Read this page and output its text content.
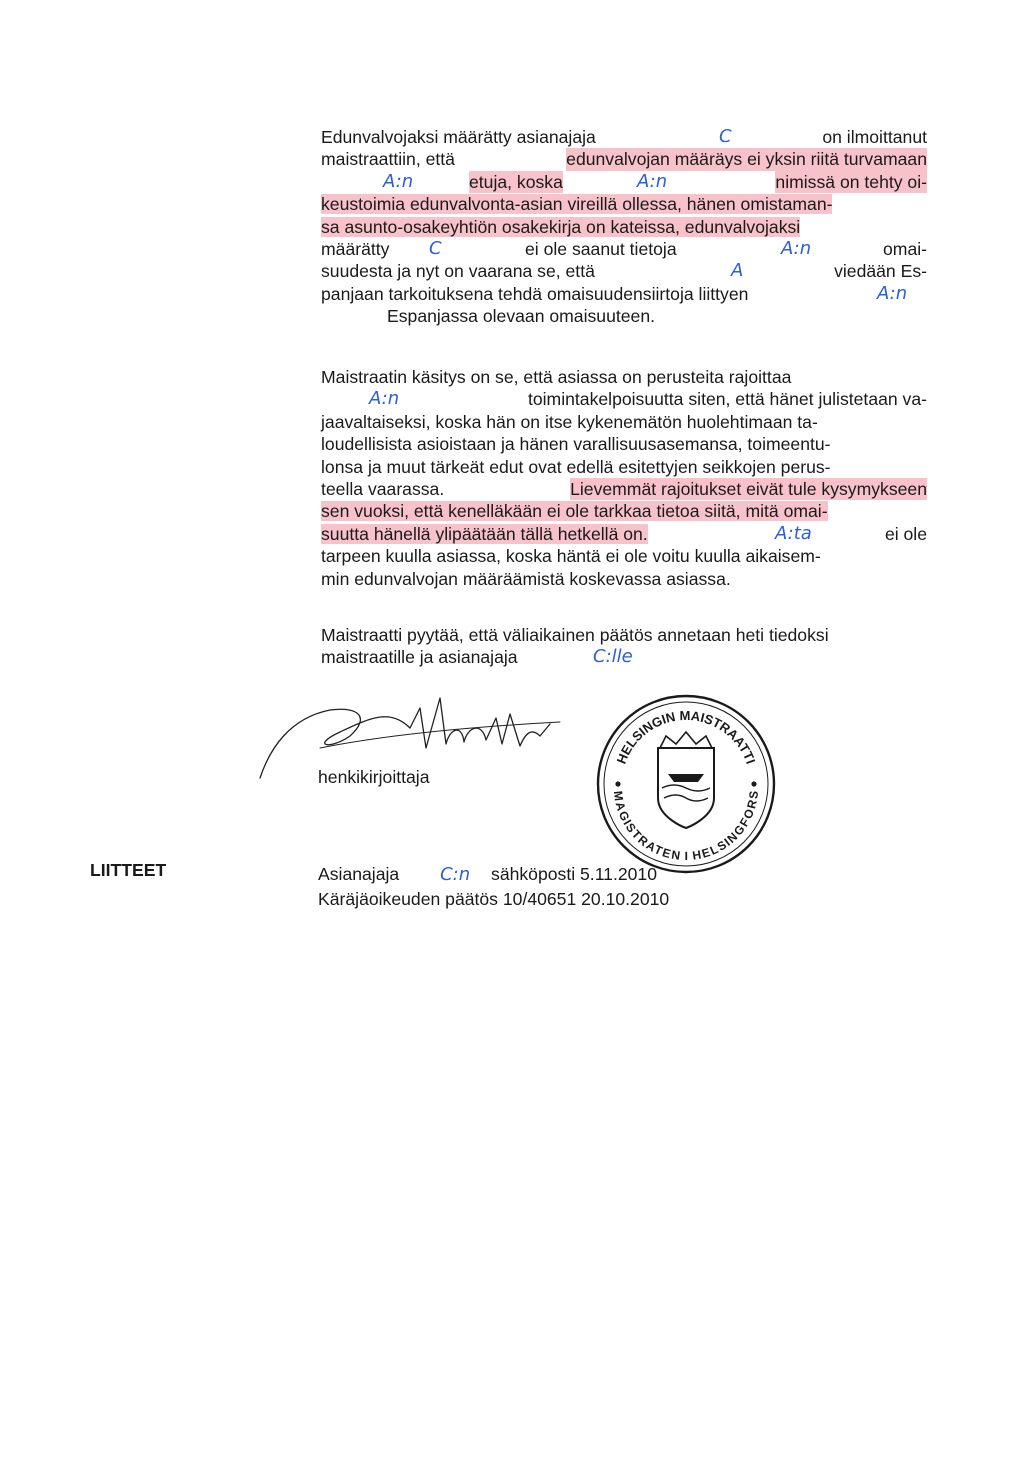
Edunvalvojaksi määrätty asianajaja	C	on ilmoittanut
maistraattiin, että	edunvalvojan määräys ei yksin riitä turvamaan
A:n	etuja, koska	A:n	nimissä on tehty oi-
keustoimia edunvalvonta-asian vireillä ollessa, hänen omistaman-
sa asunto-osakeyhtiön osakekirja on kateissa, edunvalvojaksi
määrätty C	ei ole saanut tietoja	A:n	omai-
suudesta ja nyt on vaarana se, että	A	viedään Es-
panjaan tarkoituksena tehdä omaisuudensiirtoja liittyen	A:n
Espanjassa olevaan omaisuuteen.
Maistraatin käsitys on se, että asiassa on perusteita rajoittaa
A:n	toimintakelpoisuutta siten, että hänet julistetaan va-
jaavaltaiseksi, koska hän on itse kykenemätön huolehtimaan ta-
loudellisista asioistaan ja hänen varallisuusasemansa, toimeentu-
lonsa ja muut tärkeät edut ovat edellä esitettyjen seikkojen perus-
teella vaarassa.	Lievemmät rajoitukset eivät tule kysymykseen
sen vuoksi, että kenelläkään ei ole tarkkaa tietoa siitä, mitä omai-
suutta hänellä ylipäätään tällä hetkellä on.	A:ta	ei ole
tarpeen kuulla asiassa, koska häntä ei ole voitu kuulla aikaisem-
min edunvalvojan määräämistä koskevassa asiassa.
Maistraatti pyytää, että väliaikainen päätös annetaan heti tiedoksi
maistraatille ja asianajaja	C:lle
henkikirjoittaja
HELSINGIN MAISTRAATTI
MAGISTRATEN I HELSINGFORS
LIITTEET	Asianajaja C:n sähköposti 5.11.2010
Käräjäoikeuden päätös 10/40651 20.10.2010
